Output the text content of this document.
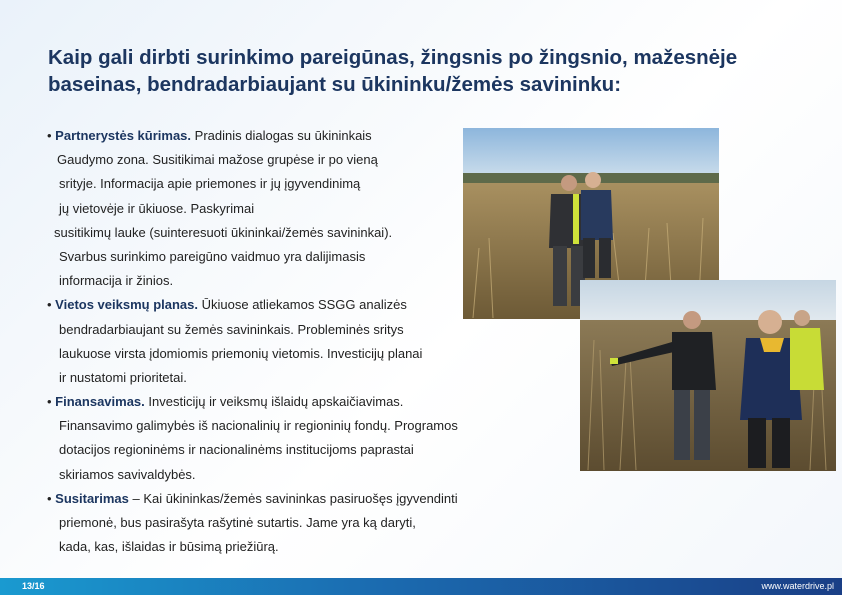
Kaip gali dirbti surinkimo pareigūnas, žingsnis po žingsnio, mažesnėje baseinas, bendradarbiaujant su ūkininku/žemės savininku:
• Partnerystės kūrimas. Pradinis dialogas su ūkininkais
Gaudymo zona. Susitikimai mažose grupėse ir po vieną
srityje. Informacija apie priemones ir jų įgyvendinimą
jų vietovėje ir ūkiuose. Paskyrimai
susitikimų lauke (suinteresuoti ūkininkai/žemės savininkai).
Svarbus surinkimo pareigūno vaidmuo yra dalijimasis
informacija ir žinios.
• Vietos veiksmų planas. Ūkiuose atliekamos SSGG analizės
bendradarbiaujant su žemės savininkais. Probleminės sritys
laukuose virsta įdomiomis priemonių vietomis. Investicijų planai
ir nustatomi prioritetai.
• Finansavimas. Investicijų ir veiksmų išlaidų apskaičiavimas.
Finansavimo galimybės iš nacionalinių ir regioninių fondų. Programos
dotacijos regioninėms ir nacionalinėms institucijoms paprastai
skiriamos savivaldybės.
• Susitarimas – Kai ūkininkas/žemės savininkas pasiruošęs įgyvendinti
priemonė, bus pasirašyta rašytinė sutartis. Jame yra ką daryti,
kada, kas, išlaidas ir būsimą priežiūrą.
13/16	www.waterdrive.pl
